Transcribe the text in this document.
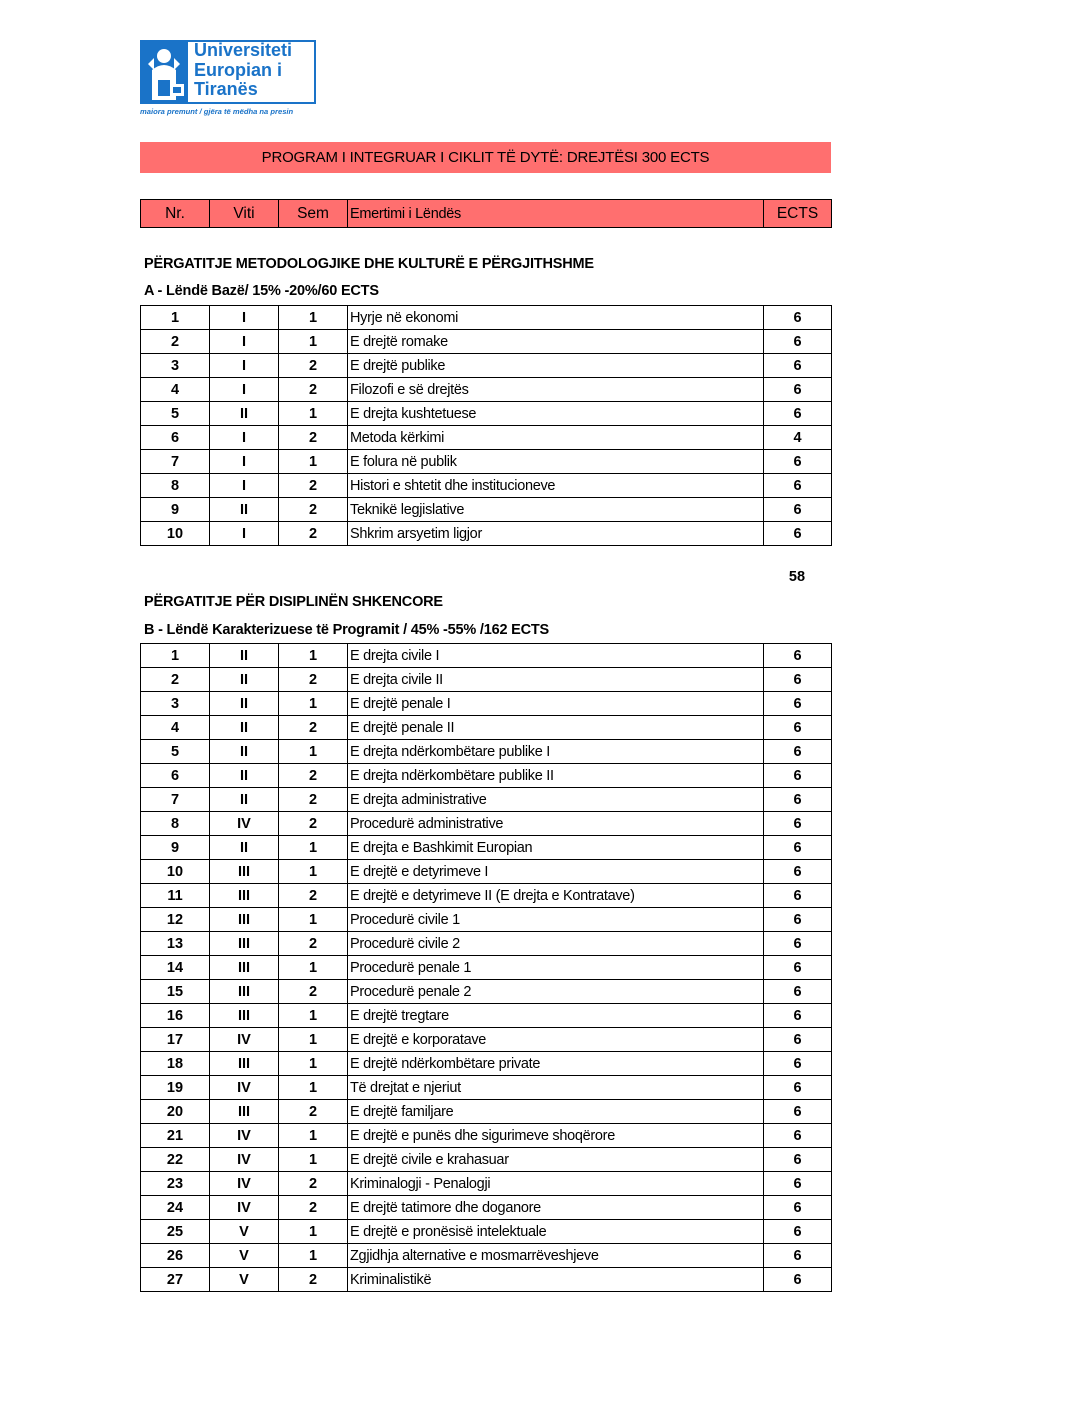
Universiteti
Europian i
Tiranës
maiora premunt / gjëra të mëdha na presin
PROGRAM I INTEGRUAR I CIKLIT TË DYTË: DREJTËSI 300 ECTS
Nr.	Viti	Sem	Emertimi i Lëndës	ECTS
PËRGATITJE METODOLOGJIKE DHE KULTURË E PËRGJITHSHME
A - Lëndë Bazë/ 15% -20%/60 ECTS
1	I	1	Hyrje në ekonomi	6
2	I	1	E drejtë romake	6
3	I	2	E drejtë publike	6
4	I	2	Filozofi e së drejtës	6
5	II	1	E drejta kushtetuese	6
6	I	2	Metoda kërkimi	4
7	I	1	E folura në publik	6
8	I	2	Histori e shtetit dhe institucioneve	6
9	II	2	Teknikë legjislative	6
10	I	2	Shkrim arsyetim ligjor	6
58
PËRGATITJE PËR DISIPLINËN SHKENCORE
B - Lëndë Karakterizuese të Programit / 45% -55% /162 ECTS
1	II	1	E drejta civile I	6
2	II	2	E drejta civile II	6
3	II	1	E drejtë penale I	6
4	II	2	E drejtë penale II	6
5	II	1	E drejta ndërkombëtare publike I	6
6	II	2	E drejta ndërkombëtare publike II	6
7	II	2	E drejta administrative	6
8	IV	2	Procedurë administrative	6
9	II	1	E drejta e Bashkimit Europian	6
10	III	1	E drejtë e detyrimeve I	6
11	III	2	E drejtë e detyrimeve II (E drejta e Kontratave)	6
12	III	1	Procedurë civile 1	6
13	III	2	Procedurë civile 2	6
14	III	1	Procedurë penale 1	6
15	III	2	Procedurë penale 2	6
16	III	1	E drejtë tregtare	6
17	IV	1	E drejtë e korporatave	6
18	III	1	E drejtë ndërkombëtare private	6
19	IV	1	Të drejtat e njeriut	6
20	III	2	E drejtë familjare	6
21	IV	1	E drejtë e punës dhe sigurimeve shoqërore	6
22	IV	1	E drejtë civile e krahasuar	6
23	IV	2	Kriminalogji - Penalogji	6
24	IV	2	E drejtë tatimore dhe doganore	6
25	V	1	E drejtë e pronësisë intelektuale	6
26	V	1	Zgjidhja alternative e mosmarrëveshjeve	6
27	V	2	Kriminalistikë	6
